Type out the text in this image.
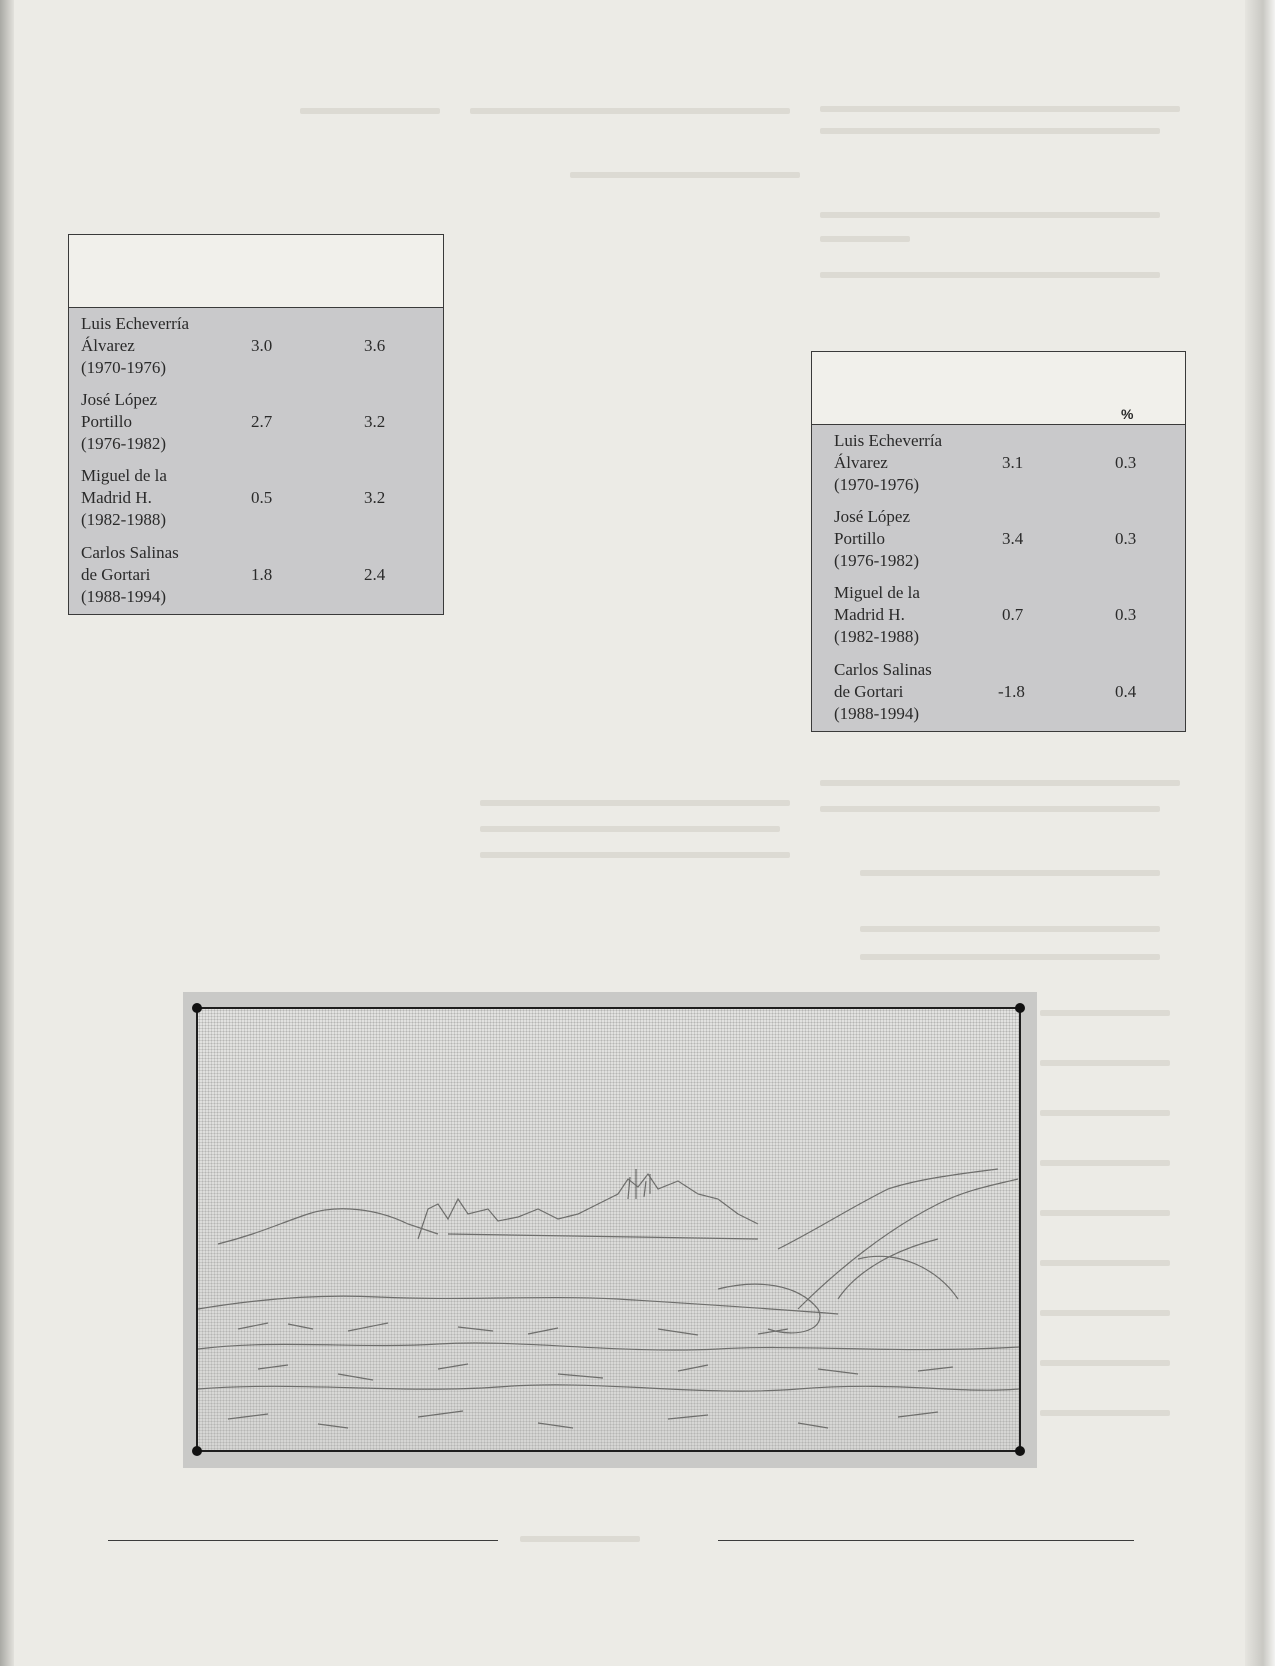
Luis Echeverría
Álvarez
(1970-1976)
3.0	3.6
José López
Portillo
(1976-1982)
2.7	3.2
Miguel de la
Madrid H.
(1982-1988)
0.5	3.2
Carlos Salinas
de Gortari
(1988-1994)
1.8	2.4
%
Luis Echeverría
Álvarez
(1970-1976)
3.1	0.3
José López
Portillo
(1976-1982)
3.4	0.3
Miguel de la
Madrid H.
(1982-1988)
0.7	0.3
Carlos Salinas
de Gortari
(1988-1994)
-1.8	0.4
